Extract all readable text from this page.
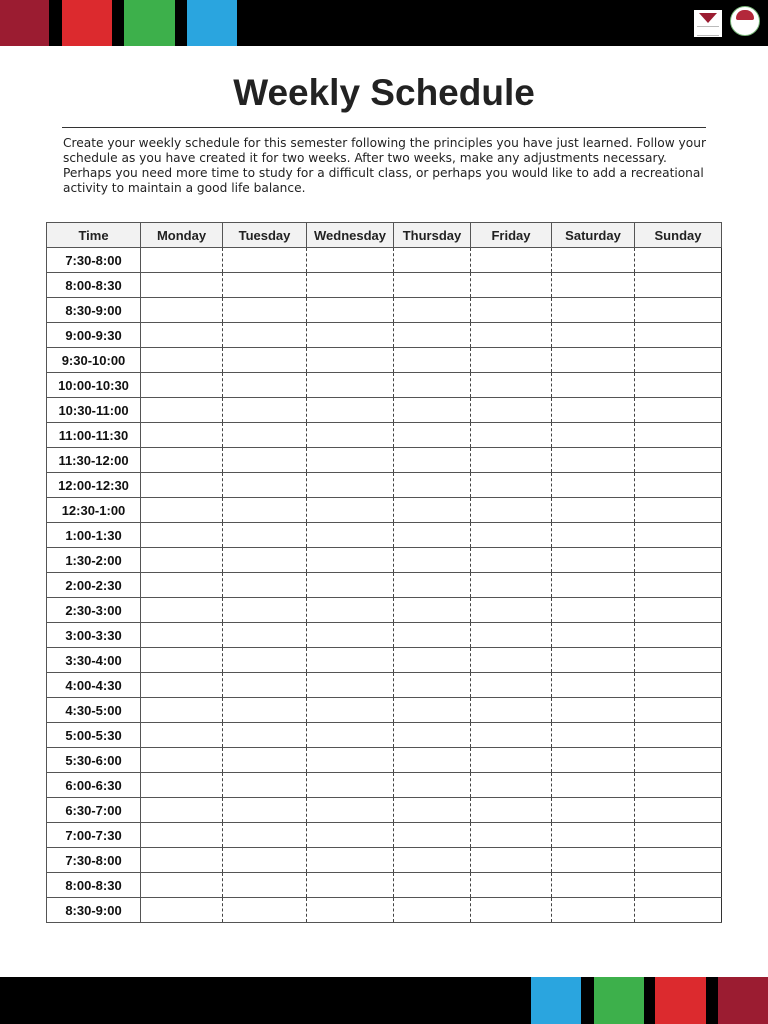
Weekly Schedule

Create your weekly schedule for this semester following the principles you have just learned. Follow your schedule as you have created it for two weeks. After two weeks, make any adjustments necessary. Perhaps you need more time to study for a difficult class, or perhaps you would like to add a recreational activity to maintain a good life balance.

Time	Monday	Tuesday	Wednesday	Thursday	Friday	Saturday	Sunday
7:30-8:00							
8:00-8:30							
8:30-9:00							
9:00-9:30							
9:30-10:00							
10:00-10:30							
10:30-11:00							
11:00-11:30							
11:30-12:00							
12:00-12:30							
12:30-1:00							
1:00-1:30							
1:30-2:00							
2:00-2:30							
2:30-3:00							
3:00-3:30							
3:30-4:00							
4:00-4:30							
4:30-5:00							
5:00-5:30							
5:30-6:00							
6:00-6:30							
6:30-7:00							
7:00-7:30							
7:30-8:00							
8:00-8:30							
8:30-9:00							
